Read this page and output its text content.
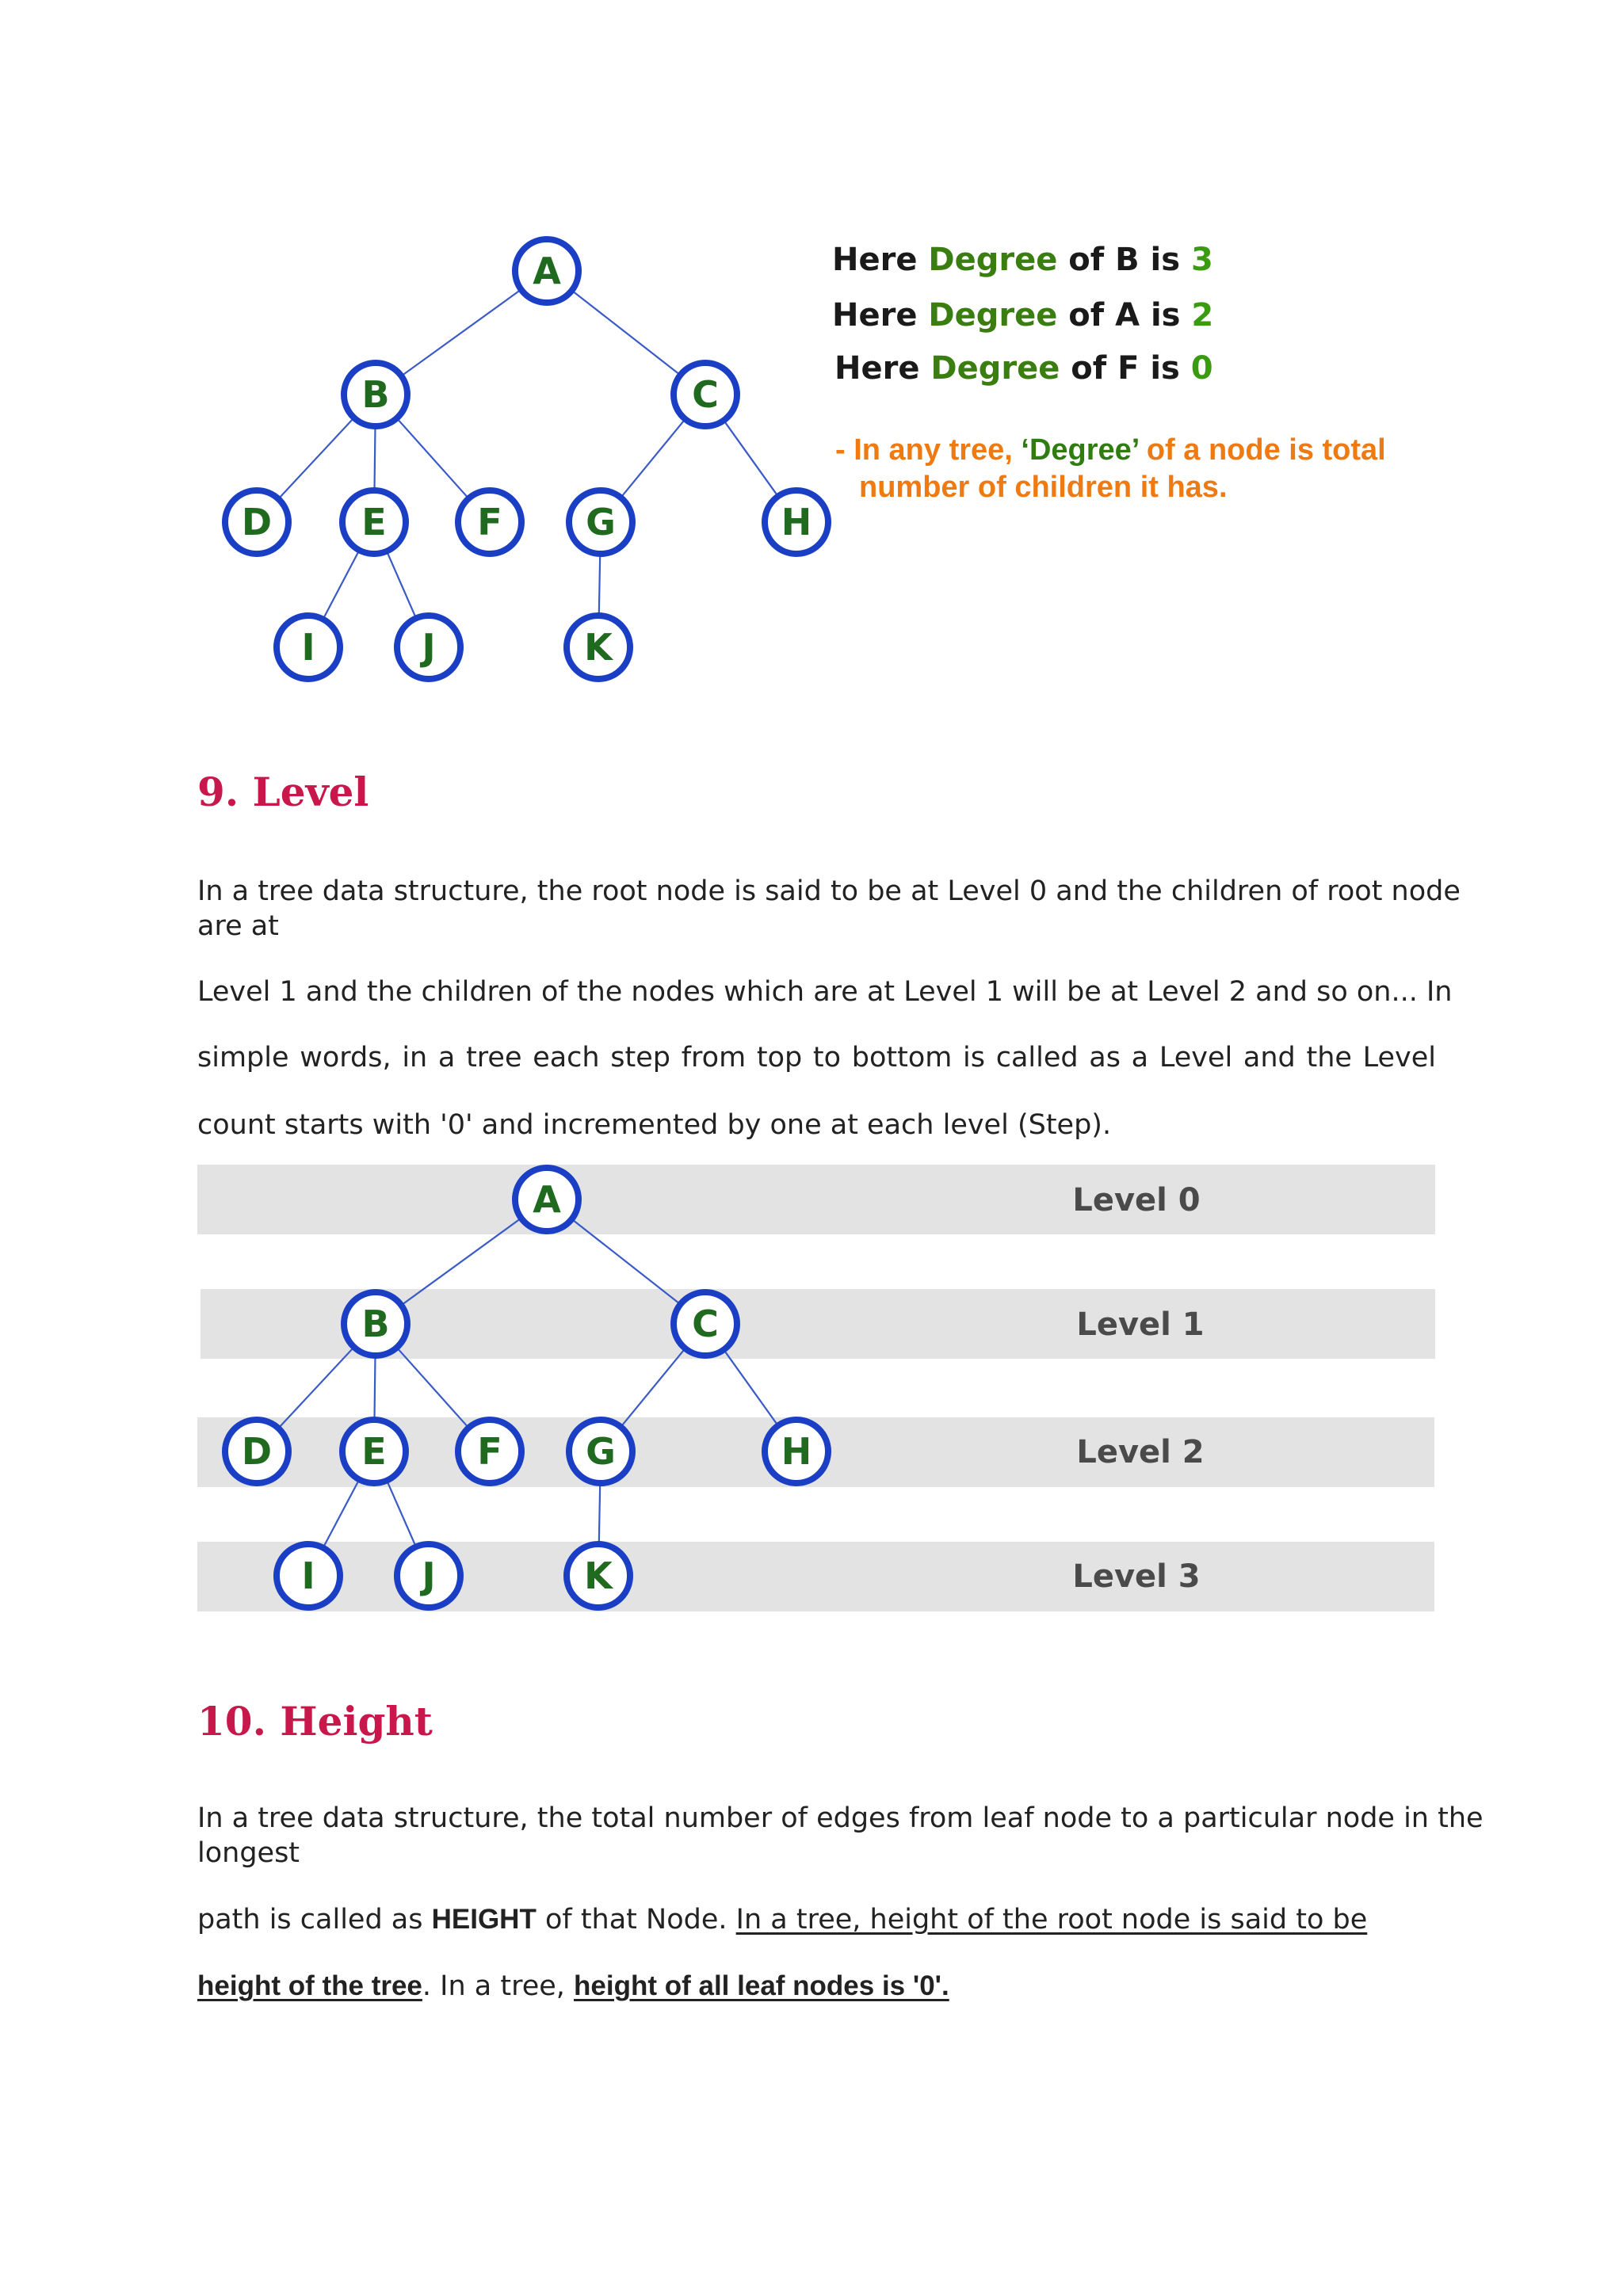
A
B	C
D E F G	H
I	J	K
Here Degree of B is 3
Here Degree of A is 2
Here Degree of F is 0
- In any tree, ‘Degree’ of a node is total
number of children it has.
9. Level
In a tree data structure, the root node is said to be at Level 0 and the children of root node
are at
Level 1 and the children of the nodes which are at Level 1 will be at Level 2 and so on... In
simple words, in a tree each step from top to bottom is called as a Level and the Level
count starts with '0' and incremented by one at each level (Step).
Level 0
Level 1
Level 2
Level 3
A
B	C
D E F G	H
I	J	K
10. Height
In a tree data structure, the total number of edges from leaf node to a particular node in the
longest
path is called as HEIGHT of that Node. In a tree, height of the root node is said to be
height of the tree. In a tree, height of all leaf nodes is '0'.
